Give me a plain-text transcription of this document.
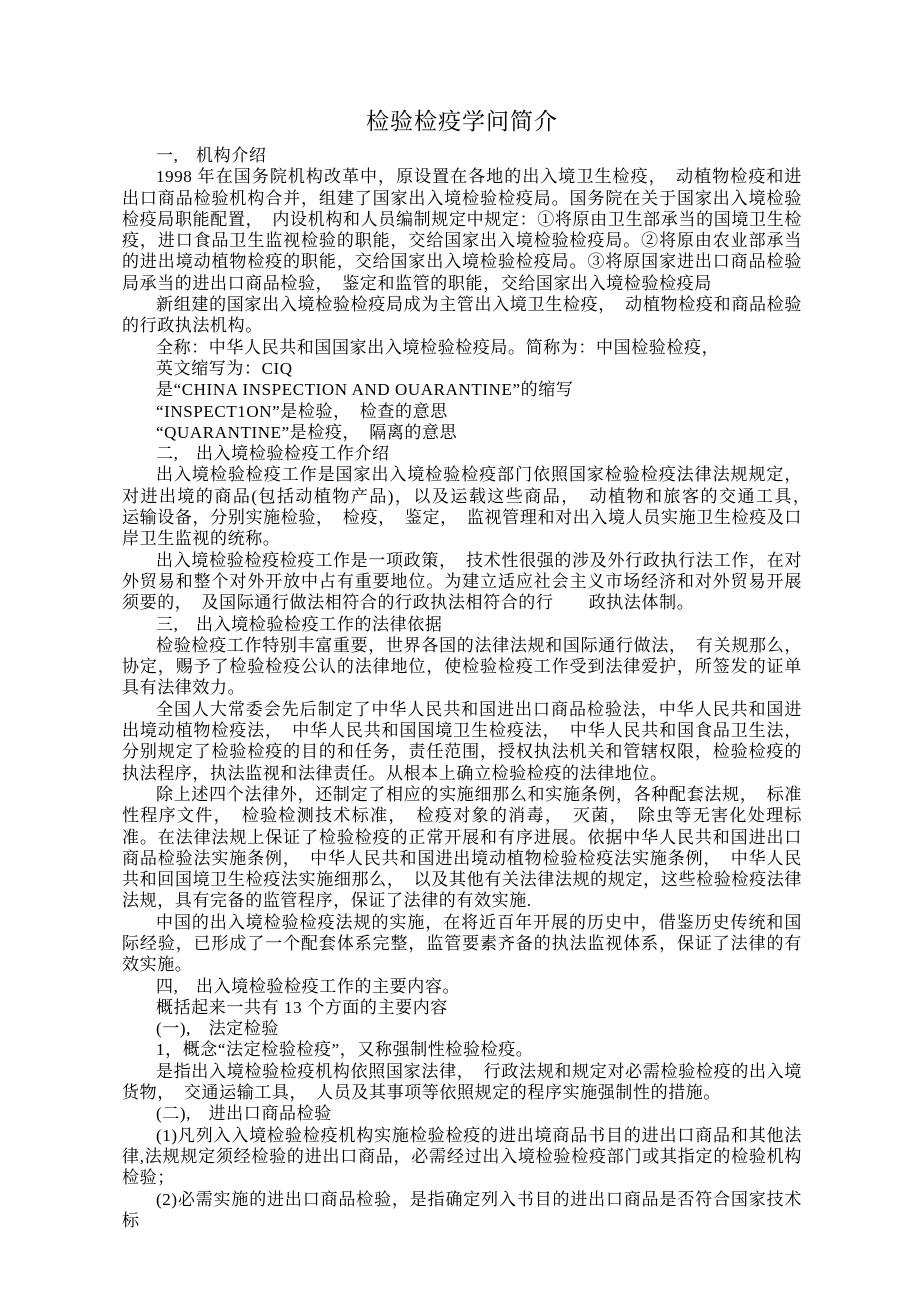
检验检疫学问简介

一,　机构介绍

1998 年在国务院机构改革中，原设置在各地的出入境卫生检疫，　动植物检疫和进出口商品检验机构合并，组建了国家出入境检验检疫局。国务院在关于国家出入境检验检疫局职能配置，　内设机构和人员编制规定中规定：①将原由卫生部承当的国境卫生检疫，进口食品卫生监视检验的职能，交给国家出入境检验检疫局。②将原由农业部承当的进出境动植物检疫的职能，交给国家出入境检验检疫局。③将原国家进出口商品检验局承当的进出口商品检验，　鉴定和监管的职能，交给国家出入境检验检疫局

新组建的国家出入境检验检疫局成为主管出入境卫生检疫，　动植物检疫和商品检验的行政执法机构。

全称：中华人民共和国国家出入境检验检疫局。简称为：中国检验检疫，

英文缩写为：CIQ

是“CHINA INSPECTION AND OUARANTINE”的缩写

“INSPECT1ON”是检验，　检查的意思

“QUARANTINE”是检疫，　隔离的意思

二,　出入境检验检疫工作介绍

出入境检验检疫工作是国家出入境检验检疫部门依照国家检验检疫法律法规规定，对进出境的商品(包括动植物产品)，以及运载这些商品，　动植物和旅客的交通工具，　运输设备，分别实施检验，　检疫，　鉴定，　监视管理和对出入境人员实施卫生检疫及口岸卫生监视的统称。

出入境检验检疫检疫工作是一项政策，　技术性很强的涉及外行政执行法工作，在对外贸易和整个对外开放中占有重要地位。为建立适应社会主义市场经济和对外贸易开展须要的，　及国际通行做法相符合的行政执法相符合的行　　政执法体制。

三,　出入境检验检疫工作的法律依据

检验检疫工作特别丰富重要，世界各国的法律法规和国际通行做法，　有关规那么，协定，赐予了检验检疫公认的法律地位，使检验检疫工作受到法律爱护，所签发的证单具有法律效力。

全国人大常委会先后制定了中华人民共和国进出口商品检验法，中华人民共和国进出境动植物检疫法，　中华人民共和国国境卫生检疫法，　中华人民共和国食品卫生法，分别规定了检验检疫的目的和任务，责任范围，授权执法机关和管辖权限，检验检疫的执法程序，执法监视和法律责任。从根本上确立检验检疫的法律地位。

除上述四个法律外，还制定了相应的实施细那么和实施条例，各种配套法规，　标准性程序文件，　检验检测技术标准，　检疫对象的消毒，　灭菌，　除虫等无害化处理标准。在法律法规上保证了检验检疫的正常开展和有序进展。依据中华人民共和国进出口商品检验法实施条例，　中华人民共和国进出境动植物检验检疫法实施条例，　中华人民共和回国境卫生检疫法实施细那么，　以及其他有关法律法规的规定，这些检验检疫法律法规，具有完备的监管程序，保证了法律的有效实施.

中国的出入境检验检疫法规的实施，在将近百年开展的历史中，借鉴历史传统和国际经验，已形成了一个配套体系完整，监管要素齐备的执法监视体系，保证了法律的有效实施。

四,　出入境检验检疫工作的主要内容。

概括起来一共有 13 个方面的主要内容

(一),　法定检验

1，概念“法定检验检疫”，又称强制性检验检疫。

是指出入境检验检疫机构依照国家法律，　行政法规和规定对必需检验检疫的出入境货物，　交通运输工具，　人员及其事项等依照规定的程序实施强制性的措施。

(二),　进出口商品检验

(1)凡列入入境检验检疫机构实施检验检疫的进出境商品书目的进出口商品和其他法律,法规规定须经检验的进出口商品，必需经过出入境检验检疫部门或其指定的检验机构检验；

(2)必需实施的进出口商品检验，是指确定列入书目的进出口商品是否符合国家技术标
